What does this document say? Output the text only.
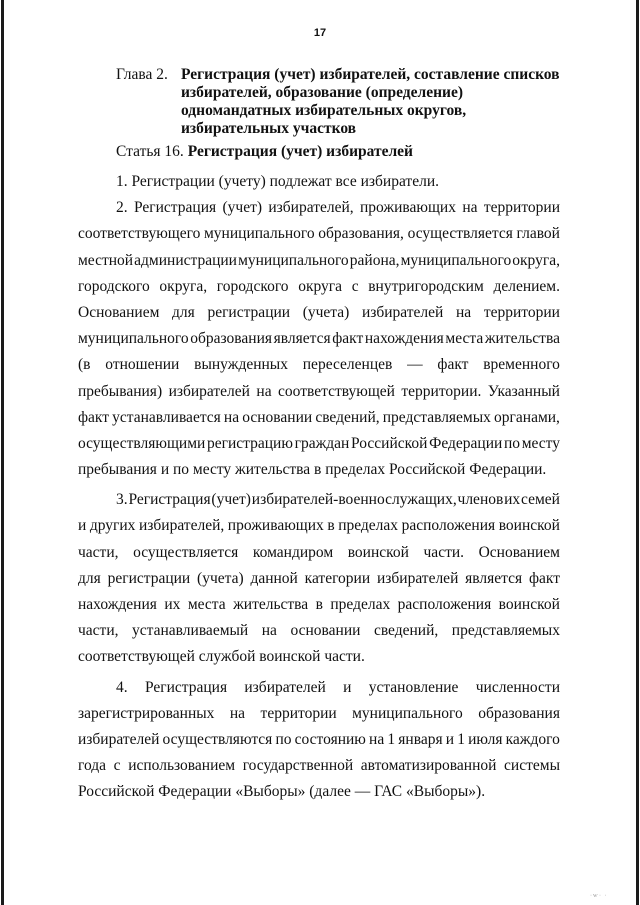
17
Глава 2. Регистрация (учет) избирателей, составление списков
избирателей, образование (определение)
одномандатных избирательных округов,
избирательных участков
Статья 16. Регистрация (учет) избирателей
1. Регистрации (учету) подлежат все избиратели.
2. Регистрация (учет) избирателей, проживающих на территории
соответствующего муниципального образования, осуществляется главой
местной администрации муниципального района, муниципального округа,
городского округа, городского округа с внутригородским делением.
Основанием для регистрации (учета) избирателей на территории
муниципального образования является факт нахождения места жительства
(в отношении вынужденных переселенцев — факт временного
пребывания) избирателей на соответствующей территории. Указанный
факт устанавливается на основании сведений, представляемых органами,
осуществляющими регистрацию граждан Российской Федерации по месту
пребывания и по месту жительства в пределах Российской Федерации.
3. Регистрация (учет) избирателей-военнослужащих, членов их семей
и других избирателей, проживающих в пределах расположения воинской
части, осуществляется командиром воинской части. Основанием
для регистрации (учета) данной категории избирателей является факт
нахождения их места жительства в пределах расположения воинской
части, устанавливаемый на основании сведений, представляемых
соответствующей службой воинской части.
4. Регистрация избирателей и установление численности
зарегистрированных на территории муниципального образования
избирателей осуществляются по состоянию на 1 января и 1 июля каждого
года с использованием государственной автоматизированной системы
Российской Федерации «Выборы» (далее — ГАС «Выборы»).
·ⱳ· ·
